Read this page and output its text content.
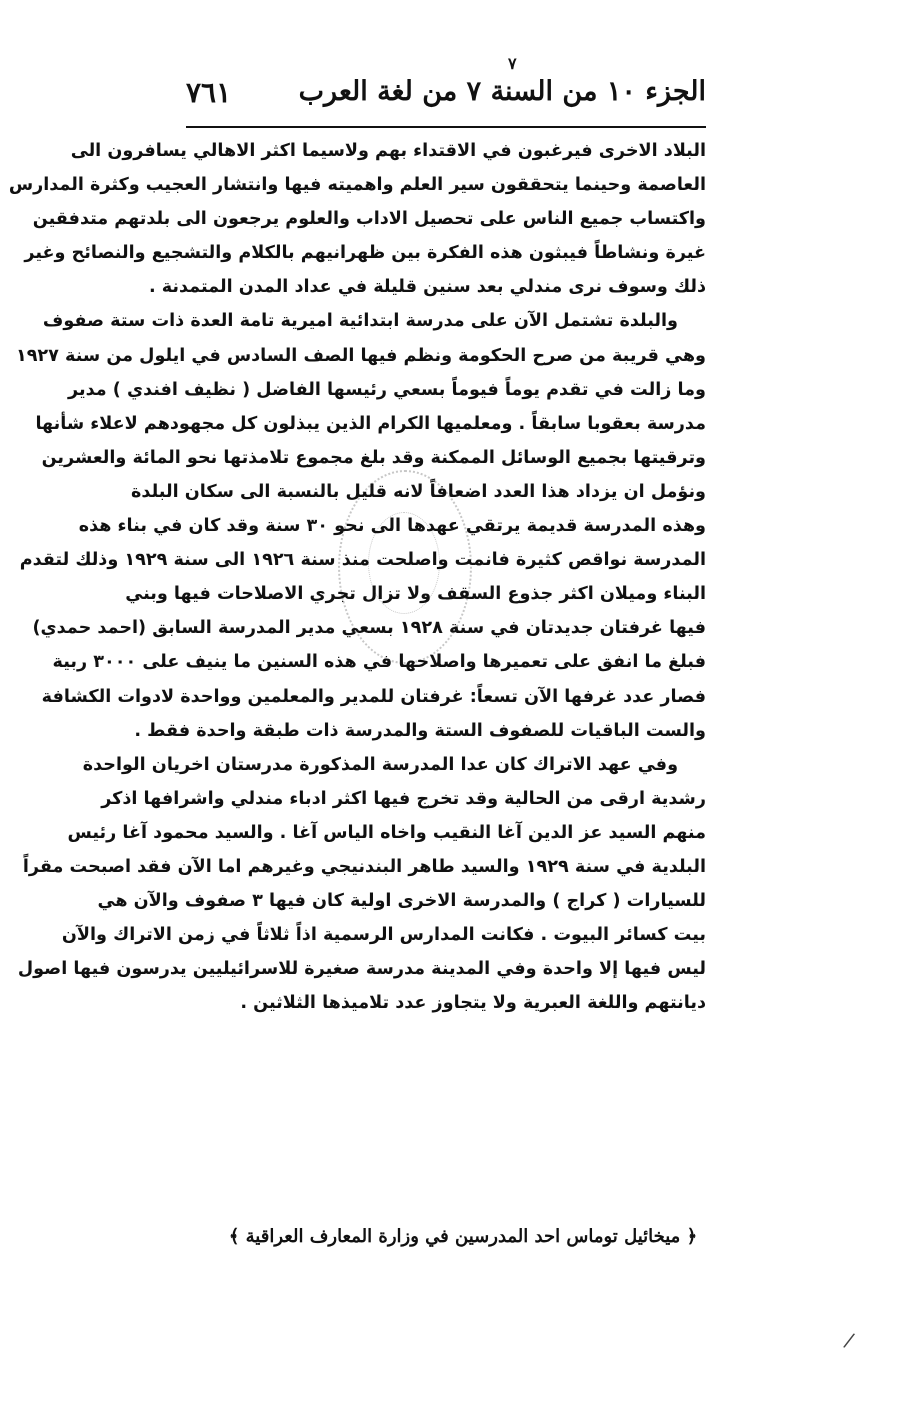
٧
الجزء ١٠ من السنة ٧ من لغة العرب
٧٦١
البلاد الاخرى فيرغبون في الاقتداء بهم ولاسيما اكثر الاهالي يسافرون الى
العاصمة وحينما يتحققون سير العلم واهميته فيها وانتشار العجيب وكثرة المدارس
واكتساب جميع الناس على تحصيل الاداب والعلوم يرجعون الى بلدتهم متدفقين
غيرة ونشاطاً فيبثون هذه الفكرة بين ظهرانيهم بالكلام والتشجيع والنصائح وغير
ذلك وسوف نرى مندلي بعد سنين قليلة في عداد المدن المتمدنة .
والبلدة تشتمل الآن على مدرسة ابتدائية اميرية تامة العدة ذات ستة صفوف
وهي قريبة من صرح الحكومة ونظم فيها الصف السادس في ايلول من سنة ١٩٢٧
وما زالت في تقدم يوماً فيوماً بسعي رئيسها الفاضل ( نظيف افندي ) مدير
مدرسة بعقوبا سابقاً . ومعلميها الكرام الذين يبذلون كل مجهودهم لاعلاء شأنها
وترقيتها بجميع الوسائل الممكنة وقد بلغ مجموع تلامذتها نحو المائة والعشرين
ونؤمل ان يزداد هذا العدد اضعافاً لانه قليل بالنسبة الى سكان البلدة
وهذه المدرسة قديمة يرتقي عهدها الى نحو ٣٠ سنة وقد كان في بناء هذه
المدرسة نواقص كثيرة فانمت واصلحت منذ سنة ١٩٢٦ الى سنة ١٩٢٩ وذلك لتقدم
البناء وميلان اكثر جذوع السقف ولا تزال تجري الاصلاحات فيها وبني
فيها غرفتان جديدتان في سنة ١٩٢٨ بسعي مدير المدرسة السابق (احمد حمدي)
فبلغ ما انفق على تعميرها واصلاحها في هذه السنين ما ينيف على ٣٠٠٠ ربية
فصار عدد غرفها الآن تسعاً: غرفتان للمدير والمعلمين وواحدة لادوات الكشافة
والست الباقيات للصفوف الستة والمدرسة ذات طبقة واحدة فقط .
وفي عهد الاتراك كان عدا المدرسة المذكورة مدرستان اخريان الواحدة
رشدية ارقى من الحالية وقد تخرج فيها اكثر ادباء مندلي واشرافها اذكر
منهم السيد عز الدين آغا النقيب واخاه الياس آغا . والسيد محمود آغا رئيس
البلدية في سنة ١٩٢٩ والسيد طاهر البندنيجي وغيرهم اما الآن فقد اصبحت مقراً
للسيارات ( كراج ) والمدرسة الاخرى اولية كان فيها ٣ صفوف والآن هي
بيت كسائر البيوت . فكانت المدارس الرسمية اذاً ثلاثاً في زمن الاتراك والآن
ليس فيها إلا واحدة وفي المدينة مدرسة صغيرة للاسرائيليين يدرسون فيها اصول
ديانتهم واللغة العبرية ولا يتجاوز عدد تلاميذها الثلاثين .
﴿ ميخائيل توماس احد المدرسين في وزارة المعارف العراقية ﴾
/
